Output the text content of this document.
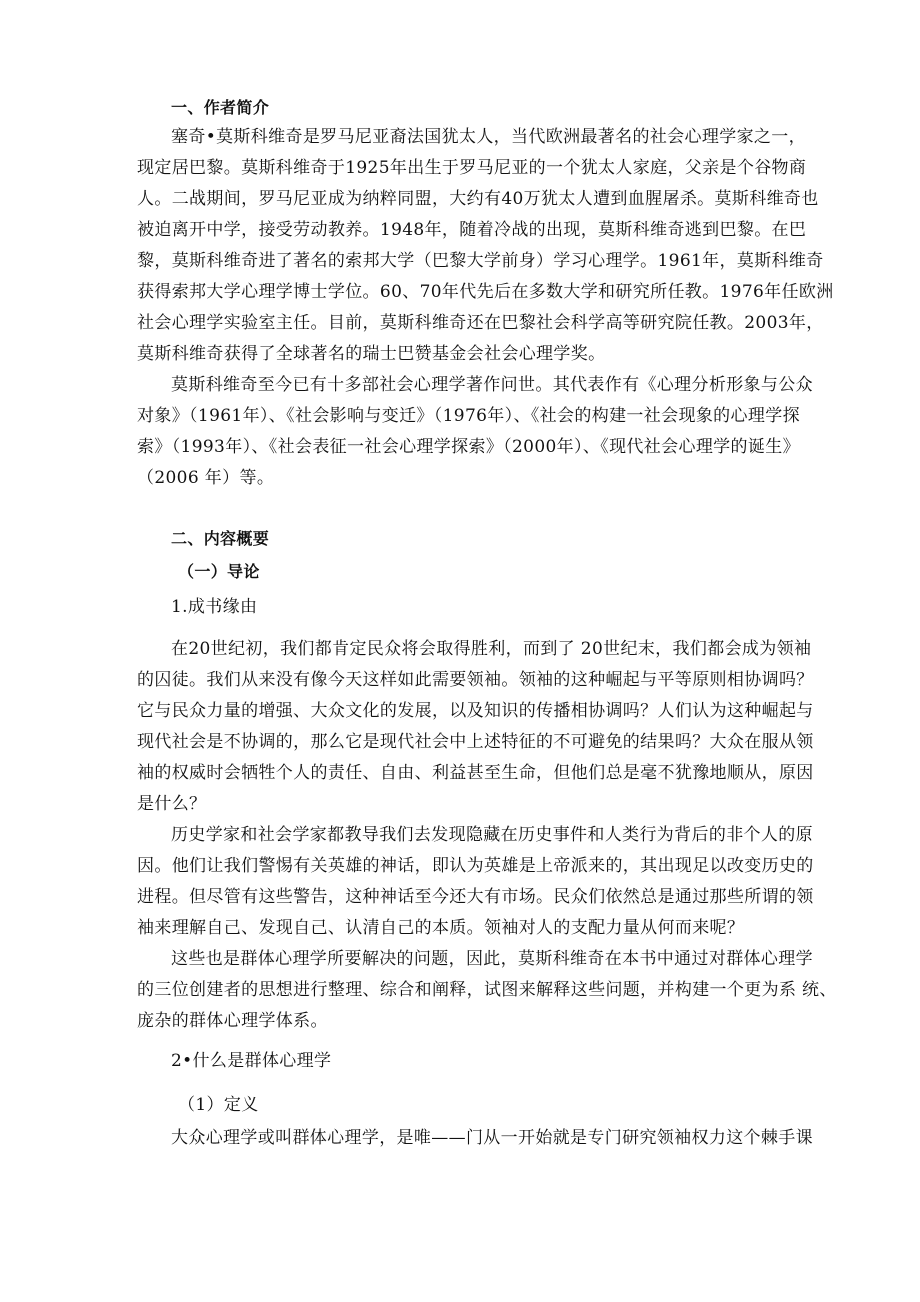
一、作者简介
塞奇•莫斯科维奇是罗马尼亚裔法国犹太人，当代欧洲最著名的社会心理学家之一，
现定居巴黎。莫斯科维奇于1925年出生于罗马尼亚的一个犹太人家庭，父亲是个谷物商
人。二战期间，罗马尼亚成为纳粹同盟，大约有40万犹太人遭到血腥屠杀。莫斯科维奇也
被迫离开中学，接受劳动教养。1948年，随着冷战的出现，莫斯科维奇逃到巴黎。在巴
黎，莫斯科维奇进了著名的索邦大学（巴黎大学前身）学习心理学。1961年，莫斯科维奇
获得索邦大学心理学博士学位。60、70年代先后在多数大学和研究所任教。1976年任欧洲
社会心理学实验室主任。目前，莫斯科维奇还在巴黎社会科学高等研究院任教。2003年，
莫斯科维奇获得了全球著名的瑞士巴赞基金会社会心理学奖。
莫斯科维奇至今已有十多部社会心理学著作问世。其代表作有《心理分析形象与公众
对象》（1961年）、《社会影响与变迁》（1976年）、《社会的构建一社会现象的心理学探
索》（1993年）、《社会表征一社会心理学探索》（2000年）、《现代社会心理学的诞生》
（2006 年）等。
二、内容概要
（一）导论
1.成书缘由
在20世纪初，我们都肯定民众将会取得胜利，而到了 20世纪末，我们都会成为领袖
的囚徒。我们从来没有像今天这样如此需要领袖。领袖的这种崛起与平等原则相协调吗？
它与民众力量的增强、大众文化的发展，以及知识的传播相协调吗？人们认为这种崛起与
现代社会是不协调的，那么它是现代社会中上述特征的不可避免的结果吗？大众在服从领
袖的权威时会牺牲个人的责任、自由、利益甚至生命，但他们总是毫不犹豫地顺从，原因
是什么？
历史学家和社会学家都教导我们去发现隐藏在历史事件和人类行为背后的非个人的原
因。他们让我们警惕有关英雄的神话，即认为英雄是上帝派来的，其出现足以改变历史的
进程。但尽管有这些警告，这种神话至今还大有市场。民众们依然总是通过那些所谓的领
袖来理解自己、发现自己、认清自己的本质。领袖对人的支配力量从何而来呢？
这些也是群体心理学所要解决的问题，因此，莫斯科维奇在本书中通过对群体心理学
的三位创建者的思想进行整理、综合和阐释，试图来解释这些问题，并构建一个更为系 统、
庞杂的群体心理学体系。
2•什么是群体心理学
（1）定义
大众心理学或叫群体心理学，是唯——门从一开始就是专门研究领袖权力这个棘手课
